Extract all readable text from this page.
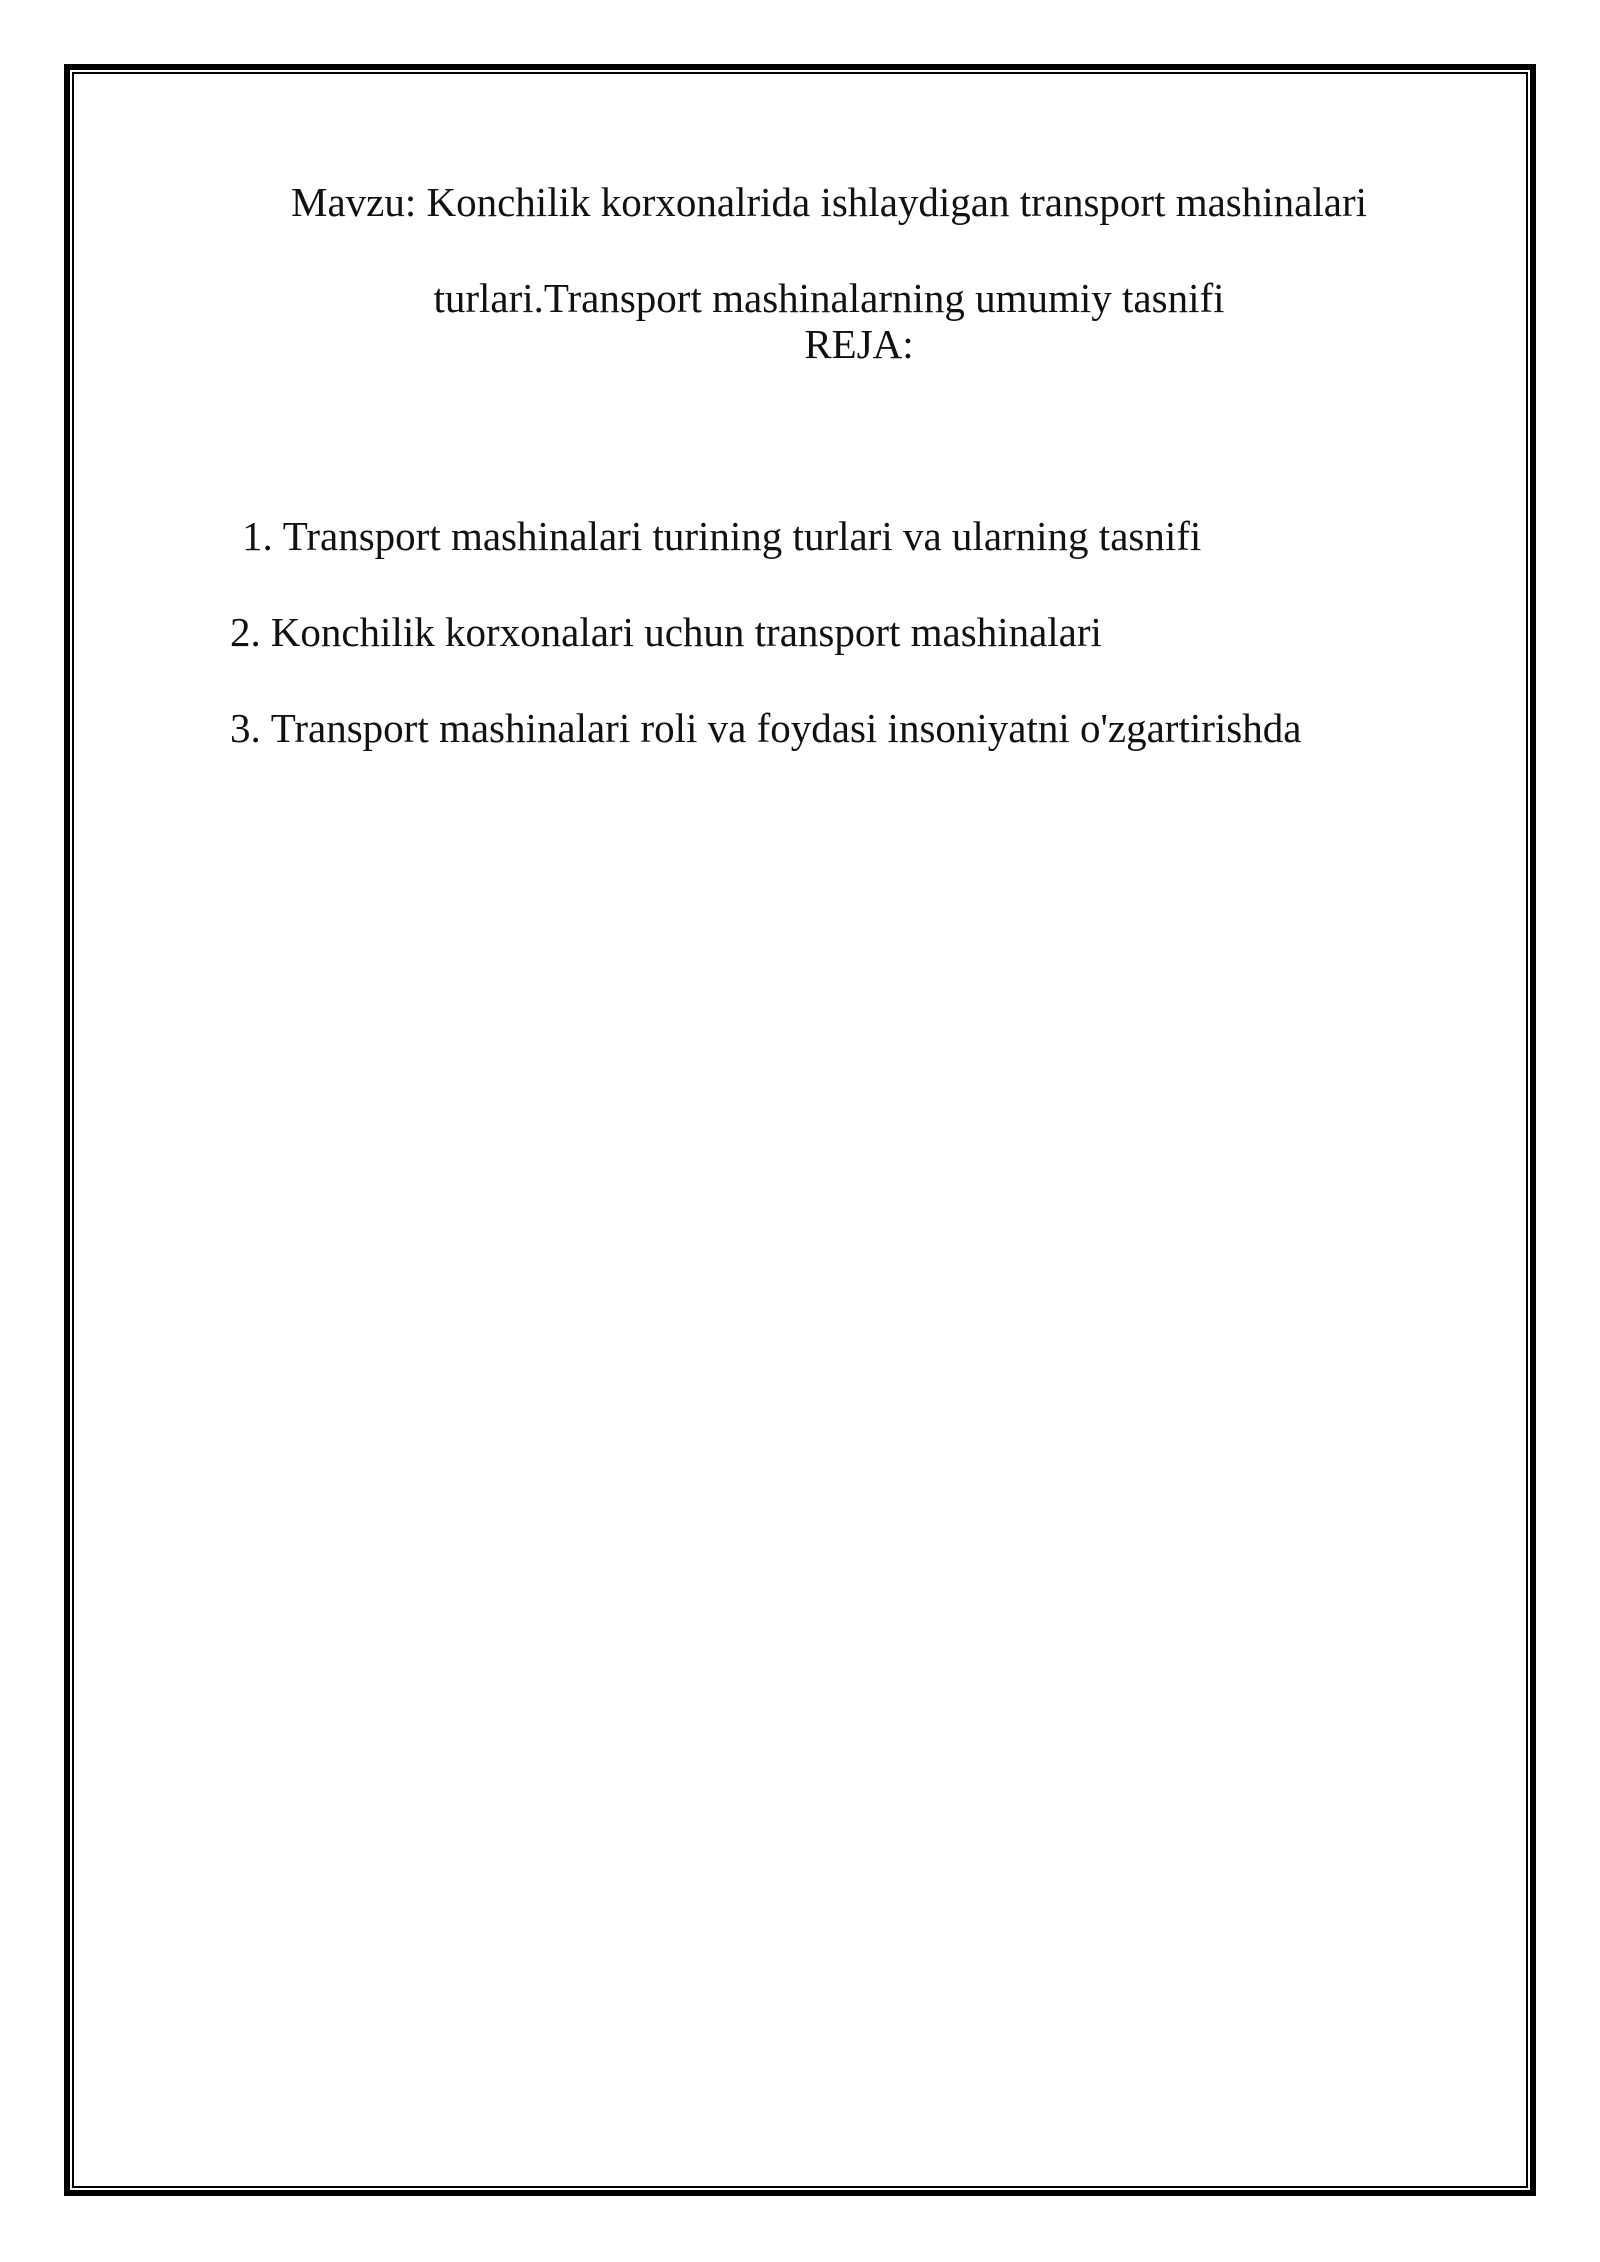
Mavzu: Konchilik korxonalrida ishlaydigan transport mashinalari turlari.Transport mashinalarning umumiy tasnifi
REJA:
1. Transport mashinalari turining turlari va ularning tasnifi
2. Konchilik korxonalari uchun transport mashinalari
3. Transport mashinalari roli va foydasi insoniyatni o'zgartirishda
